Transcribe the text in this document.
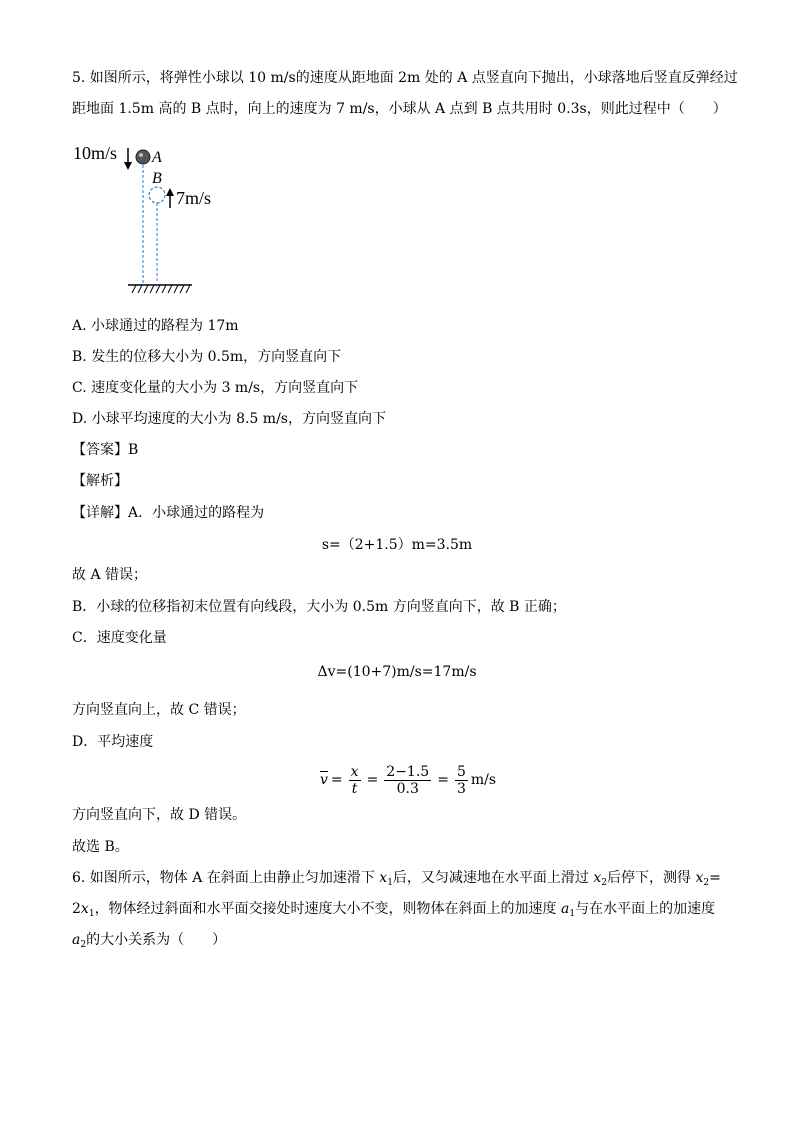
5. 如图所示，将弹性小球以 10 m/s的速度从距地面 2m 处的 A 点竖直向下抛出，小球落地后竖直反弹经过
距地面 1.5m 高的 B 点时，向上的速度为 7 m/s，小球从 A 点到 B 点共用时 0.3s，则此过程中（　　）
10m/s A
B
7m/s
A. 小球通过的路程为 17m
B. 发生的位移大小为 0.5m，方向竖直向下
C. 速度变化量的大小为 3 m/s，方向竖直向下
D. 小球平均速度的大小为 8.5 m/s，方向竖直向下
【答案】B
【解析】
【详解】A．小球通过的路程为
s=（2+1.5）m=3.5m
故 A 错误；
B．小球的位移指初末位置有向线段，大小为 0.5m 方向竖直向下，故 B 正确；
C．速度变化量
Δv=(10+7)m/s=17m/s
方向竖直向上，故 C 错误；
D．平均速度
$\overline{v} = \frac{x}{t} = \frac{2-1.5}{0.3} = \frac{5}{3} m/s$
方向竖直向下，故 D 错误。
故选 B。
6. 如图所示，物体 A 在斜面上由静止匀加速滑下 $x_1$后，又匀减速地在水平面上滑过 $x_2$后停下，测得 $x_2=$
$2x_1$，物体经过斜面和水平面交接处时速度大小不变，则物体在斜面上的加速度 $a_1$与在水平面上的加速度
$a_2$的大小关系为（　　）
